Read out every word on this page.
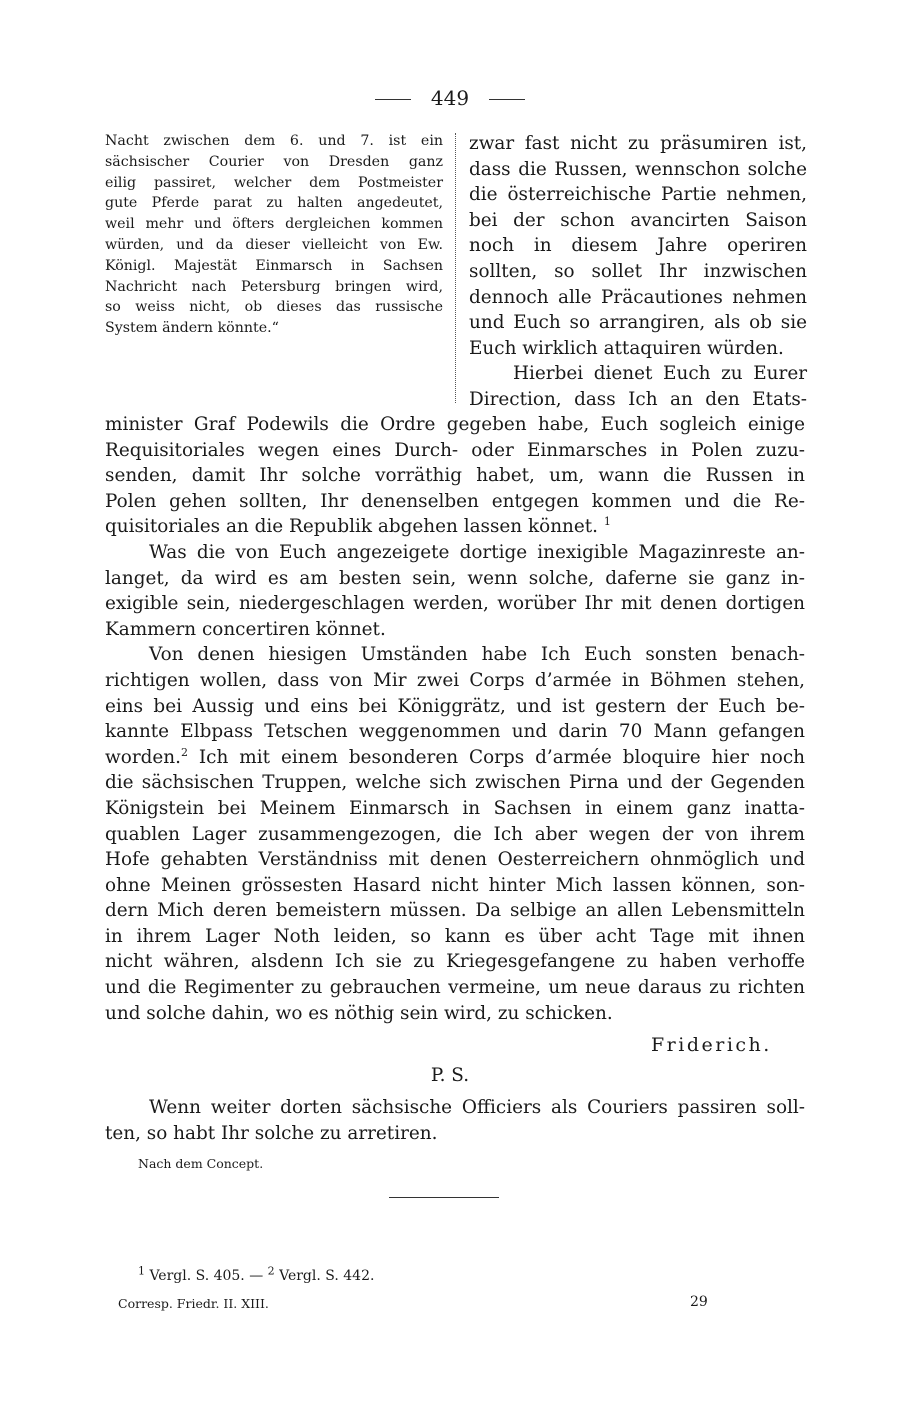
449
Nacht zwischen dem 6. und 7. ist ein
sächsischer Courier von Dresden ganz
eilig passiret, welcher dem Postmeister
gute Pferde parat zu halten angedeutet,
weil mehr und öfters dergleichen kommen
würden, und da dieser vielleicht von Ew.
Königl. Majestät Einmarsch in Sachsen
Nachricht nach Petersburg bringen wird,
so weiss nicht, ob dieses das russische
System ändern könnte.“
zwar fast nicht zu präsumiren ist,
dass die Russen, wennschon solche
die österreichische Partie nehmen,
bei der schon avancirten Saison
noch in diesem Jahre operiren
sollten, so sollet Ihr inzwischen
dennoch alle Präcautiones nehmen
und Euch so arrangiren, als ob sie
Euch wirklich attaquiren würden.
Hierbei dienet Euch zu Eurer
Direction, dass Ich an den Etats-
minister Graf Podewils die Ordre gegeben habe, Euch sogleich einige
Requisitoriales wegen eines Durch- oder Einmarsches in Polen zuzu-
senden, damit Ihr solche vorräthig habet, um, wann die Russen in
Polen gehen sollten, Ihr denenselben entgegen kommen und die Re-
quisitoriales an die Republik abgehen lassen könnet. $^1$
Was die von Euch angezeigete dortige inexigible Magazinreste an-
langet, da wird es am besten sein, wenn solche, daferne sie ganz in-
exigible sein, niedergeschlagen werden, worüber Ihr mit denen dortigen
Kammern concertiren könnet.
Von denen hiesigen Umständen habe Ich Euch sonsten benach-
richtigen wollen, dass von Mir zwei Corps d’armée in Böhmen stehen,
eins bei Aussig und eins bei Königgrätz, und ist gestern der Euch be-
kannte Elbpass Tetschen weggenommen und darin 70 Mann gefangen
worden.$^2$ Ich mit einem besonderen Corps d’armée bloquire hier noch
die sächsischen Truppen, welche sich zwischen Pirna und der Gegenden
Königstein bei Meinem Einmarsch in Sachsen in einem ganz inatta-
quablen Lager zusammengezogen, die Ich aber wegen der von ihrem
Hofe gehabten Verständniss mit denen Oesterreichern ohnmöglich und
ohne Meinen grössesten Hasard nicht hinter Mich lassen können, son-
dern Mich deren bemeistern müssen. Da selbige an allen Lebensmitteln
in ihrem Lager Noth leiden, so kann es über acht Tage mit ihnen
nicht währen, alsdenn Ich sie zu Kriegesgefangene zu haben verhoffe
und die Regimenter zu gebrauchen vermeine, um neue daraus zu richten
und solche dahin, wo es nöthig sein wird, zu schicken.
Friderich.
P. S.
Wenn weiter dorten sächsische Officiers als Couriers passiren soll-
ten, so habt Ihr solche zu arretiren.
Nach dem Concept.
$^1$ Vergl. S. 405. — $^2$ Vergl. S. 442.
Corresp. Friedr. II. XIII.	29
